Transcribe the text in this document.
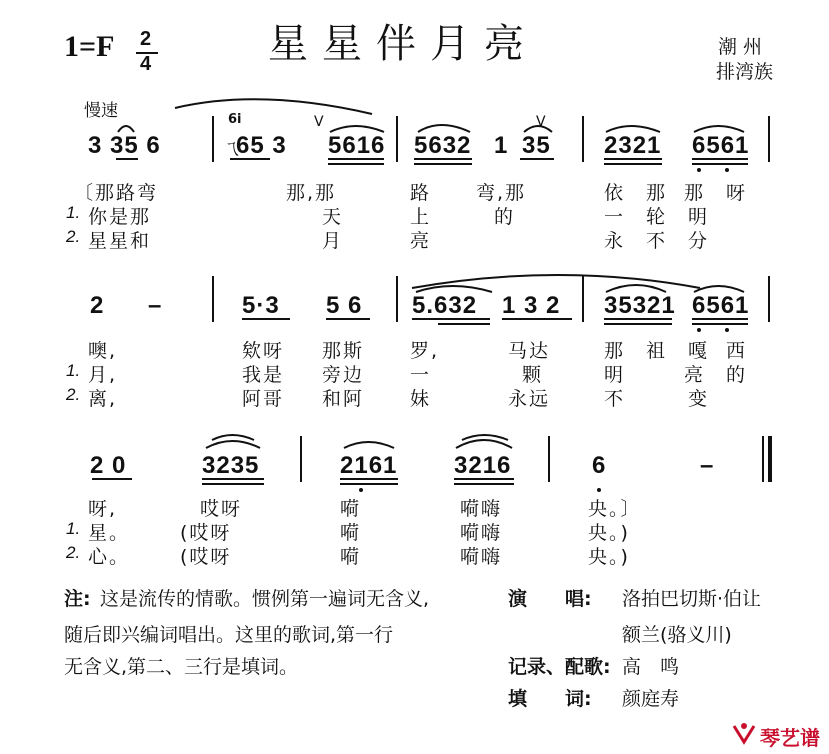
星星伴月亮
1=F 2
4
潮 州
排湾族
慢速
3 35 6
6i	V	V
65 3 5616 5632 1 35 2321 6561
ㄟ
〔那路弯	那,那	路 弯,那	依 那 那 呀
1. 你是那	天	上	的	一 轮 明
2. 星星和	月	亮	永 不 分
2 –	5·3 5 6 5.632 1 3 2 35321 6561
噢,	欸呀 那斯 罗,	马达	那 祖 嘎 西
1. 月,	我是 旁边 一	颗	明	亮 的
2. 离,	阿哥 和阿 妹	永远	不	变
2 0	3235	2161 3216	6	–
呀,	哎呀	嗬	嗬嗨	央。〕
1. 星。	(哎呀	嗬	嗬嗨	央。)
2. 心。	(哎呀	嗬	嗬嗨	央。)
注: 这是流传的情歌。惯例第一遍词无含义,
随后即兴编词唱出。这里的歌词,第一行
无含义,第二、三行是填词。
演　　唱: 洛拍巴切斯·伯让
额兰(骆义川)
记录、配歌: 高　鸣
填　　词: 颜庭寿
琴艺谱
